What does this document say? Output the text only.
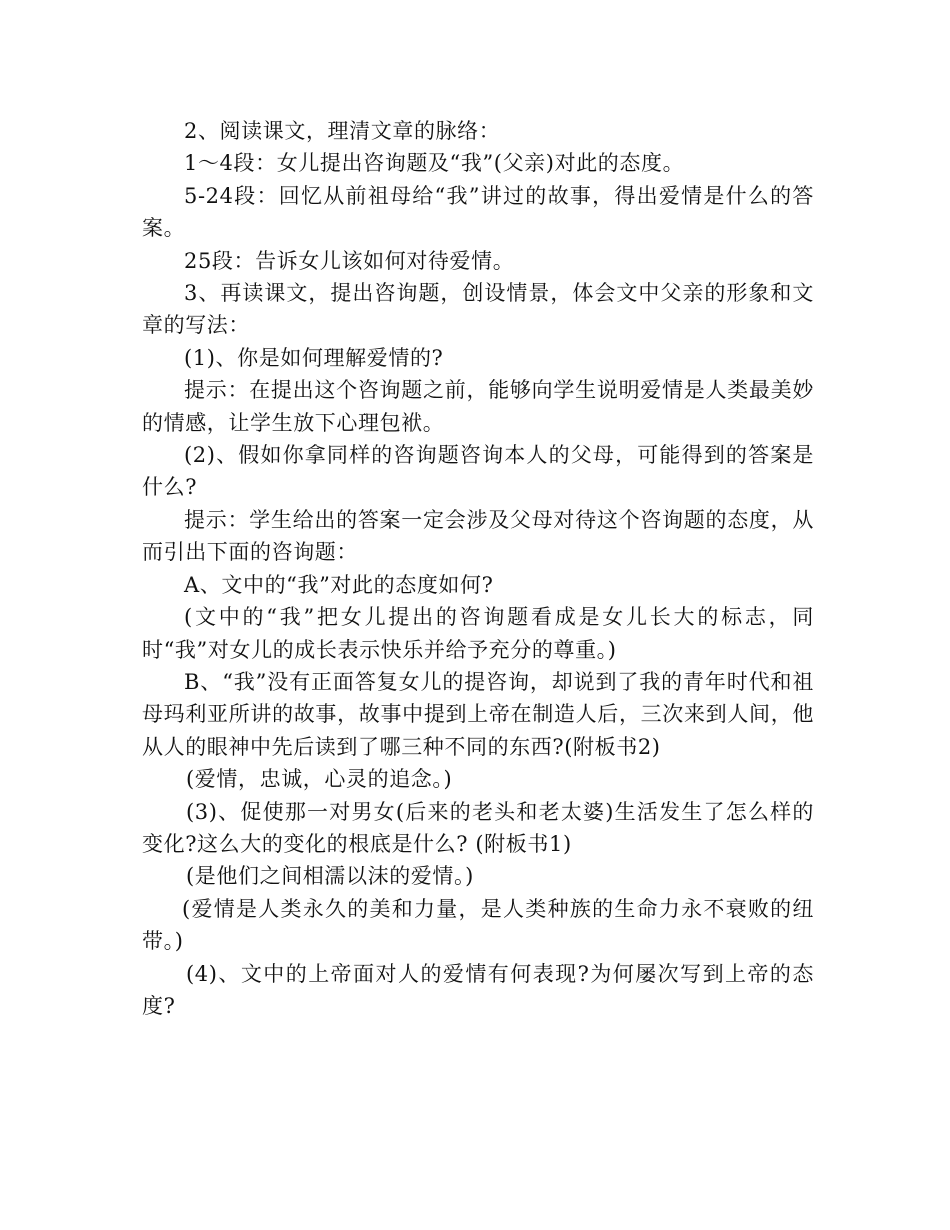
2、阅读课文，理清文章的脉络：

1～4段：女儿提出咨询题及“我”(父亲)对此的态度。

5-24段：回忆从前祖母给“我”讲过的故事，得出爱情是什么的答案。

25段：告诉女儿该如何对待爱情。

3、再读课文，提出咨询题，创设情景，体会文中父亲的形象和文章的写法：

(1)、你是如何理解爱情的?

提示：在提出这个咨询题之前，能够向学生说明爱情是人类最美妙的情感，让学生放下心理包袱。

(2)、假如你拿同样的咨询题咨询本人的父母，可能得到的答案是什么?

提示：学生给出的答案一定会涉及父母对待这个咨询题的态度，从而引出下面的咨询题：

A、文中的“我”对此的态度如何?

(文中的“我”把女儿提出的咨询题看成是女儿长大的标志，同时“我”对女儿的成长表示快乐并给予充分的尊重。)

B、“我”没有正面答复女儿的提咨询，却说到了我的青年时代和祖母玛利亚所讲的故事，故事中提到上帝在制造人后，三次来到人间，他从人的眼神中先后读到了哪三种不同的东西?(附板书2)

(爱情，忠诚，心灵的追念。)

(3)、促使那一对男女(后来的老头和老太婆)生活发生了怎么样的变化?这么大的变化的根底是什么? (附板书1)

(是他们之间相濡以沫的爱情。)

(爱情是人类永久的美和力量，是人类种族的生命力永不衰败的纽带。)

(4)、文中的上帝面对人的爱情有何表现?为何屡次写到上帝的态度?
